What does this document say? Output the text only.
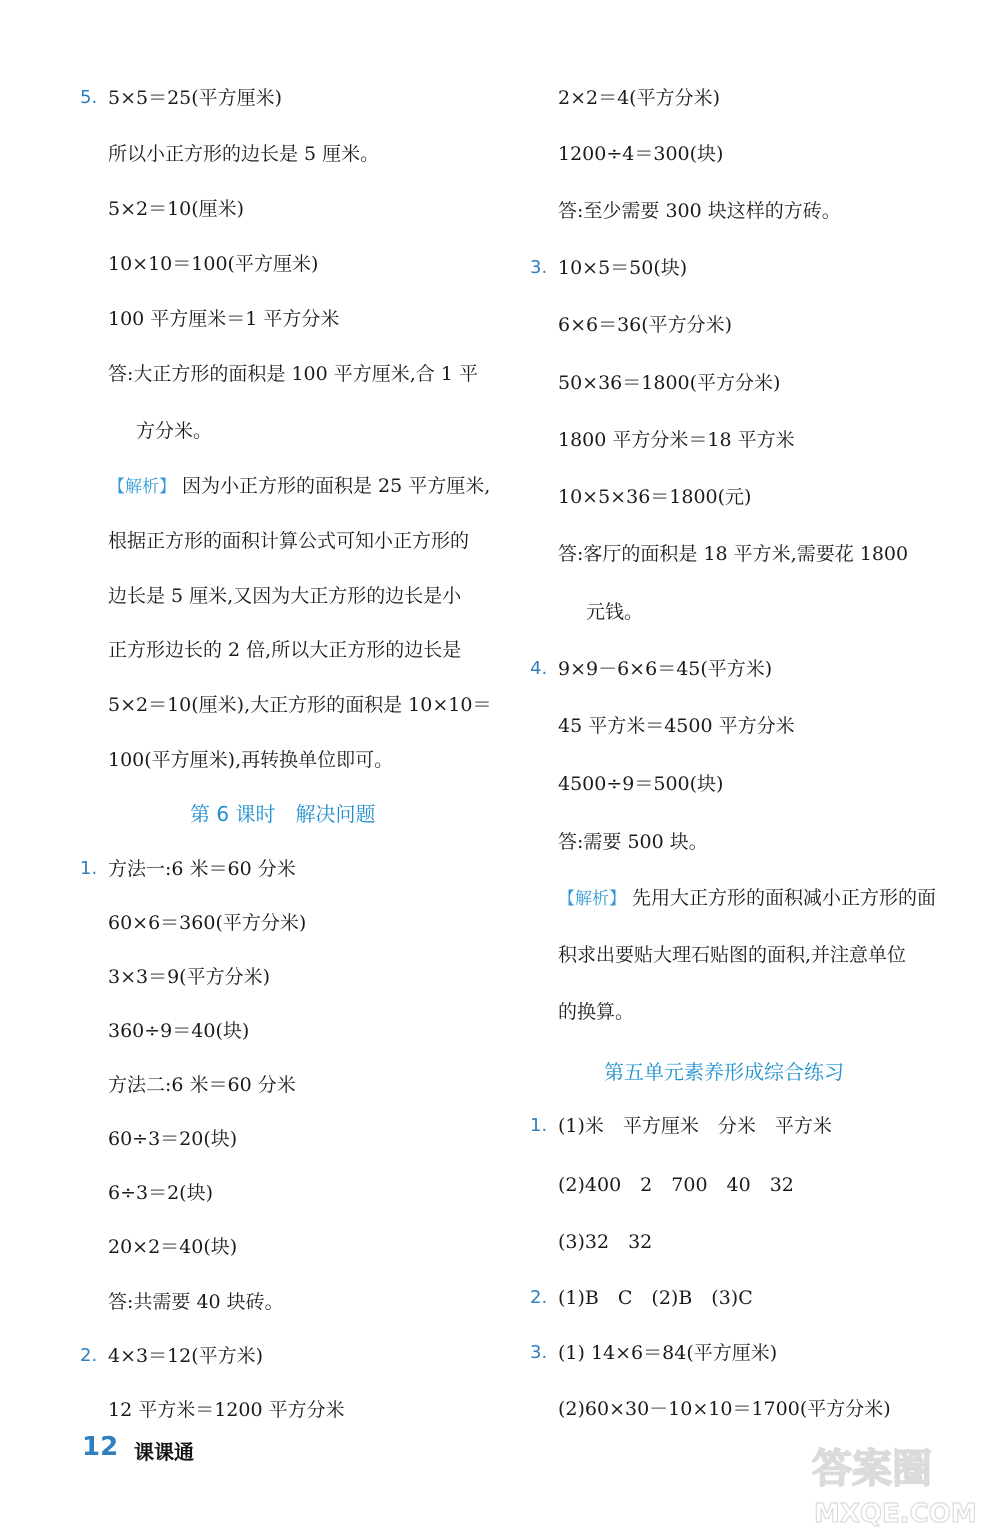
5. 5×5＝25(平方厘米)
所以小正方形的边长是 5 厘米。
5×2＝10(厘米)
10×10＝100(平方厘米)
100 平方厘米＝1 平方分米
答:大正方形的面积是 100 平方厘米,合 1 平
方分米。
【解析】 因为小正方形的面积是 25 平方厘米,
根据正方形的面积计算公式可知小正方形的
边长是 5 厘米,又因为大正方形的边长是小
正方形边长的 2 倍,所以大正方形的边长是
5×2＝10(厘米),大正方形的面积是 10×10＝
100(平方厘米),再转换单位即可。
第 6 课时　解决问题
1. 方法一:6 米＝60 分米
60×6＝360(平方分米)
3×3＝9(平方分米)
360÷9＝40(块)
方法二:6 米＝60 分米
60÷3＝20(块)
6÷3＝2(块)
20×2＝40(块)
答:共需要 40 块砖。
2. 4×3＝12(平方米)
12 平方米＝1200 平方分米
2×2＝4(平方分米)
1200÷4＝300(块)
答:至少需要 300 块这样的方砖。
3. 10×5＝50(块)
6×6＝36(平方分米)
50×36＝1800(平方分米)
1800 平方分米＝18 平方米
10×5×36＝1800(元)
答:客厅的面积是 18 平方米,需要花 1800
元钱。
4. 9×9－6×6＝45(平方米)
45 平方米＝4500 平方分米
4500÷9＝500(块)
答:需要 500 块。
【解析】 先用大正方形的面积减小正方形的面
积求出要贴大理石贴图的面积,并注意单位
的换算。
第五单元素养形成综合练习
1. (1)米　平方厘米　分米　平方米
(2)400　2　700　40　32
(3)32　32
2. (1)B　C　(2)B　(3)C
3. (1) 14×6＝84(平方厘米)
(2)60×30－10×10＝1700(平方分米)
12 课课通	答案圈
MXQE.COM
